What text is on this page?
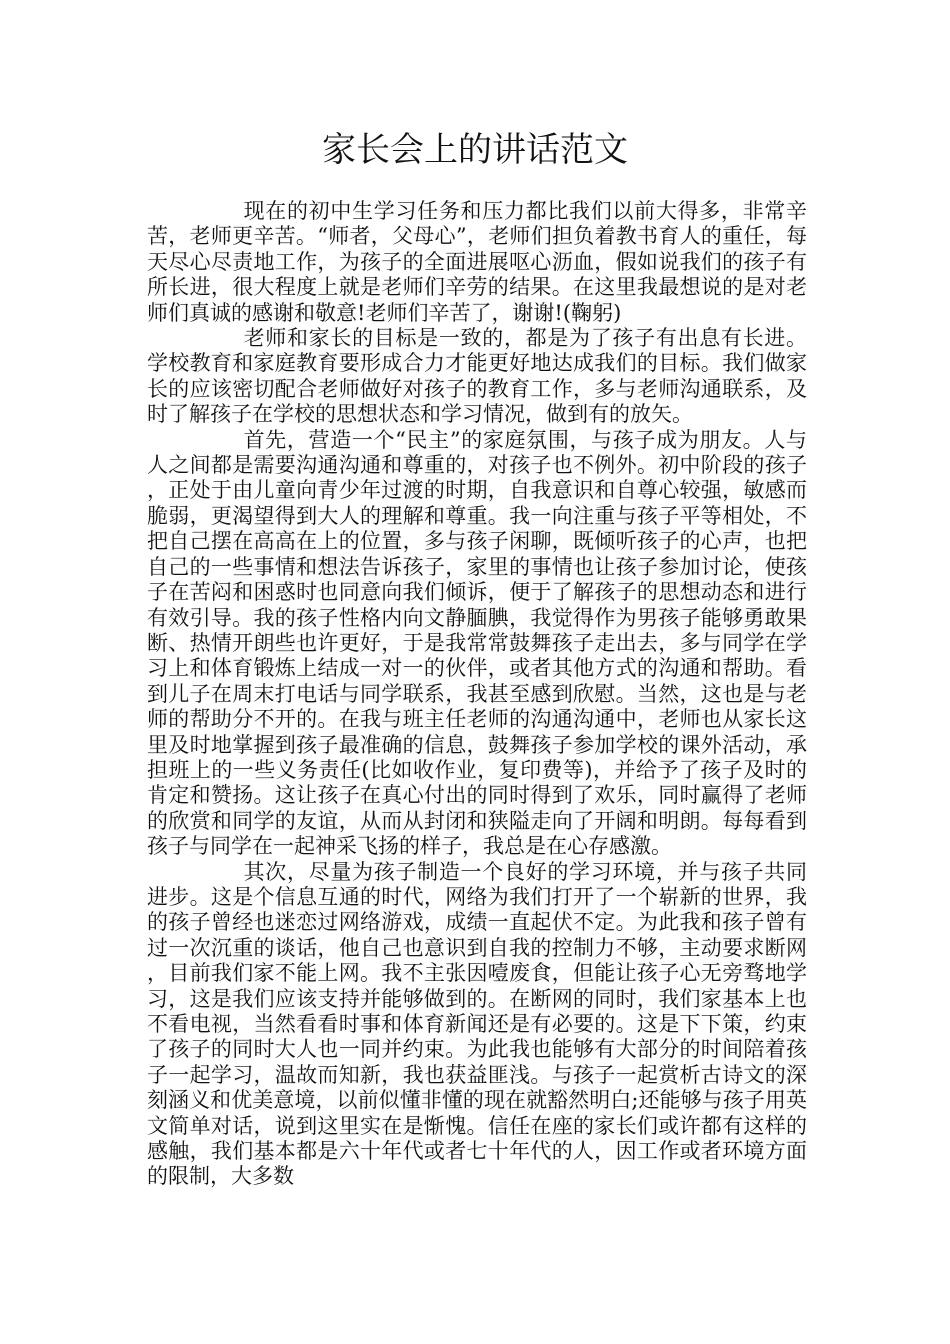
家长会上的讲话范文

现在的初中生学习任务和压力都比我们以前大得多，非常辛苦，老师更辛苦。“师者，父母心”，老师们担负着教书育人的重任，每天尽心尽责地工作，为孩子的全面进展呕心沥血，假如说我们的孩子有所长进，很大程度上就是老师们辛劳的结果。在这里我最想说的是对老师们真诚的感谢和敬意!老师们辛苦了，谢谢!(鞠躬)

老师和家长的目标是一致的，都是为了孩子有出息有长进。学校教育和家庭教育要形成合力才能更好地达成我们的目标。我们做家长的应该密切配合老师做好对孩子的教育工作，多与老师沟通联系，及时了解孩子在学校的思想状态和学习情况，做到有的放矢。

首先，营造一个“民主”的家庭氛围，与孩子成为朋友。人与人之间都是需要沟通沟通和尊重的，对孩子也不例外。初中阶段的孩子，正处于由儿童向青少年过渡的时期，自我意识和自尊心较强，敏感而脆弱，更渴望得到大人的理解和尊重。我一向注重与孩子平等相处，不把自己摆在高高在上的位置，多与孩子闲聊，既倾听孩子的心声，也把自己的一些事情和想法告诉孩子，家里的事情也让孩子参加讨论，使孩子在苦闷和困惑时也同意向我们倾诉，便于了解孩子的思想动态和进行有效引导。我的孩子性格内向文静腼腆，我觉得作为男孩子能够勇敢果断、热情开朗些也许更好，于是我常常鼓舞孩子走出去，多与同学在学习上和体育锻炼上结成一对一的伙伴，或者其他方式的沟通和帮助。看到儿子在周末打电话与同学联系，我甚至感到欣慰。当然，这也是与老师的帮助分不开的。在我与班主任老师的沟通沟通中，老师也从家长这里及时地掌握到孩子最准确的信息，鼓舞孩子参加学校的课外活动，承担班上的一些义务责任(比如收作业，复印费等)，并给予了孩子及时的肯定和赞扬。这让孩子在真心付出的同时得到了欢乐，同时赢得了老师的欣赏和同学的友谊，从而从封闭和狭隘走向了开阔和明朗。每每看到孩子与同学在一起神采飞扬的样子，我总是在心存感激。

其次，尽量为孩子制造一个良好的学习环境，并与孩子共同进步。这是个信息互通的时代，网络为我们打开了一个崭新的世界，我的孩子曾经也迷恋过网络游戏，成绩一直起伏不定。为此我和孩子曾有过一次沉重的谈话，他自己也意识到自我的控制力不够，主动要求断网，目前我们家不能上网。我不主张因噎废食，但能让孩子心无旁骛地学习，这是我们应该支持并能够做到的。在断网的同时，我们家基本上也不看电视，当然看看时事和体育新闻还是有必要的。这是下下策，约束了孩子的同时大人也一同并约束。为此我也能够有大部分的时间陪着孩子一起学习，温故而知新，我也获益匪浅。与孩子一起赏析古诗文的深刻涵义和优美意境，以前似懂非懂的现在就豁然明白;还能够与孩子用英文简单对话，说到这里实在是惭愧。信任在座的家长们或许都有这样的感触，我们基本都是六十年代或者七十年代的人，因工作或者环境方面的限制，大多数
